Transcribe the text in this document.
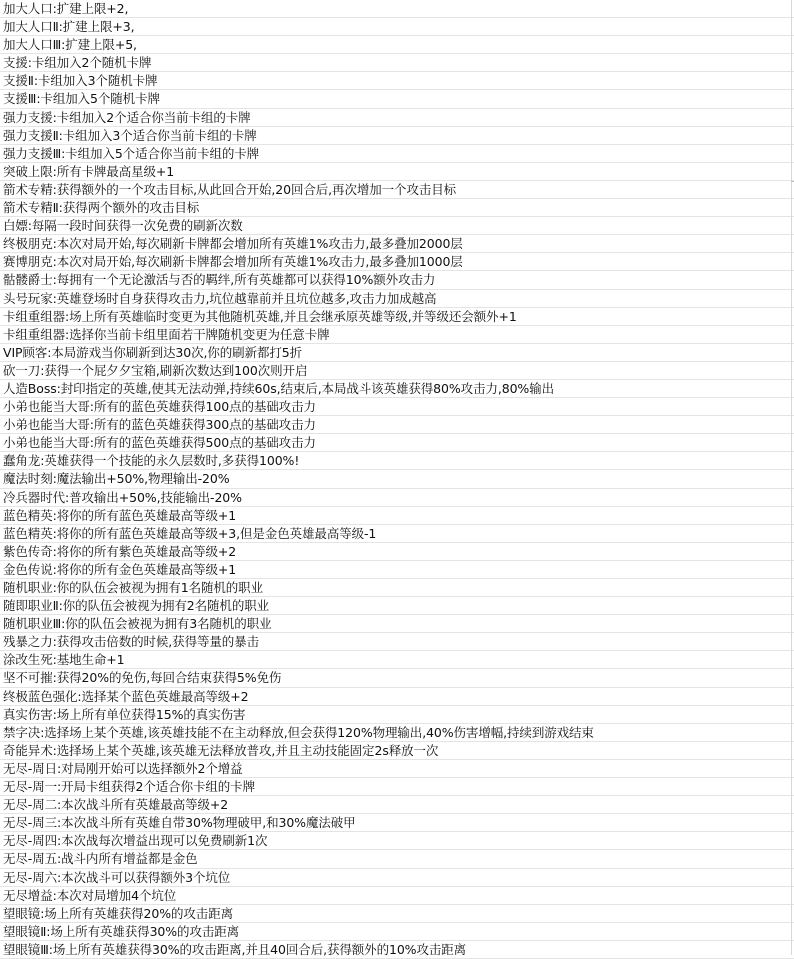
加大人口:扩建上限+2,
加大人口Ⅱ:扩建上限+3,
加大人口Ⅲ:扩建上限+5,
支援:卡组加入2个随机卡牌
支援Ⅱ:卡组加入3个随机卡牌
支援Ⅲ:卡组加入5个随机卡牌
强力支援:卡组加入2个适合你当前卡组的卡牌
强力支援Ⅱ:卡组加入3个适合你当前卡组的卡牌
强力支援Ⅲ:卡组加入5个适合你当前卡组的卡牌
突破上限:所有卡牌最高星级+1
箭术专精:获得额外的一个攻击目标,从此回合开始,20回合后,再次增加一个攻击目标
箭术专精Ⅱ:获得两个额外的攻击目标
白嫖:每隔一段时间获得一次免费的刷新次数
终极朋克:本次对局开始,每次刷新卡牌都会增加所有英雄1%攻击力,最多叠加2000层
赛博朋克:本次对局开始,每次刷新卡牌都会增加所有英雄1%攻击力,最多叠加1000层
骷髅爵士:每拥有一个无论激活与否的羁绊,所有英雄都可以获得10%额外攻击力
头号玩家:英雄登场时自身获得攻击力,坑位越靠前并且坑位越多,攻击力加成越高
卡组重组器:场上所有英雄临时变更为其他随机英雄,并且会继承原英雄等级,并等级还会额外+1
卡组重组器:选择你当前卡组里面若干牌随机变更为任意卡牌
VIP顾客:本局游戏当你刷新到达30次,你的刷新都打5折
砍一刀:获得一个屁夕夕宝箱,刷新次数达到100次则开启
人造Boss:封印指定的英雄,使其无法动弹,持续60s,结束后,本局战斗该英雄获得80%攻击力,80%输出
小弟也能当大哥:所有的蓝色英雄获得100点的基础攻击力
小弟也能当大哥:所有的蓝色英雄获得300点的基础攻击力
小弟也能当大哥:所有的蓝色英雄获得500点的基础攻击力
蠢角龙:英雄获得一个技能的永久层数时,多获得100%!
魔法时刻:魔法输出+50%,物理输出-20%
冷兵器时代:普攻输出+50%,技能输出-20%
蓝色精英:将你的所有蓝色英雄最高等级+1
蓝色精英:将你的所有蓝色英雄最高等级+3,但是金色英雄最高等级-1
紫色传奇:将你的所有紫色英雄最高等级+2
金色传说:将你的所有金色英雄最高等级+1
随机职业:你的队伍会被视为拥有1名随机的职业
随即职业Ⅱ:你的队伍会被视为拥有2名随机的职业
随机职业Ⅲ:你的队伍会被视为拥有3名随机的职业
残暴之力:获得攻击倍数的时候,获得等量的暴击
涂改生死:基地生命+1
坚不可摧:获得20%的免伤,每回合结束获得5%免伤
终极蓝色强化:选择某个蓝色英雄最高等级+2
真实伤害:场上所有单位获得15%的真实伤害
禁字决:选择场上某个英雄,该英雄技能不在主动释放,但会获得120%物理输出,40%伤害增幅,持续到游戏结束
奇能异术:选择场上某个英雄,该英雄无法释放普攻,并且主动技能固定2s释放一次
无尽-周日:对局刚开始可以选择额外2个增益
无尽-周一:开局卡组获得2个适合你卡组的卡牌
无尽-周二:本次战斗所有英雄最高等级+2
无尽-周三:本次战斗所有英雄自带30%物理破甲,和30%魔法破甲
无尽-周四:本次战每次增益出现可以免费刷新1次
无尽-周五:战斗内所有增益都是金色
无尽-周六:本次战斗可以获得额外3个坑位
无尽增益:本次对局增加4个坑位
望眼镜:场上所有英雄获得20%的攻击距离
望眼镜Ⅱ:场上所有英雄获得30%的攻击距离
望眼镜Ⅲ:场上所有英雄获得30%的攻击距离,并且40回合后,获得额外的10%攻击距离
